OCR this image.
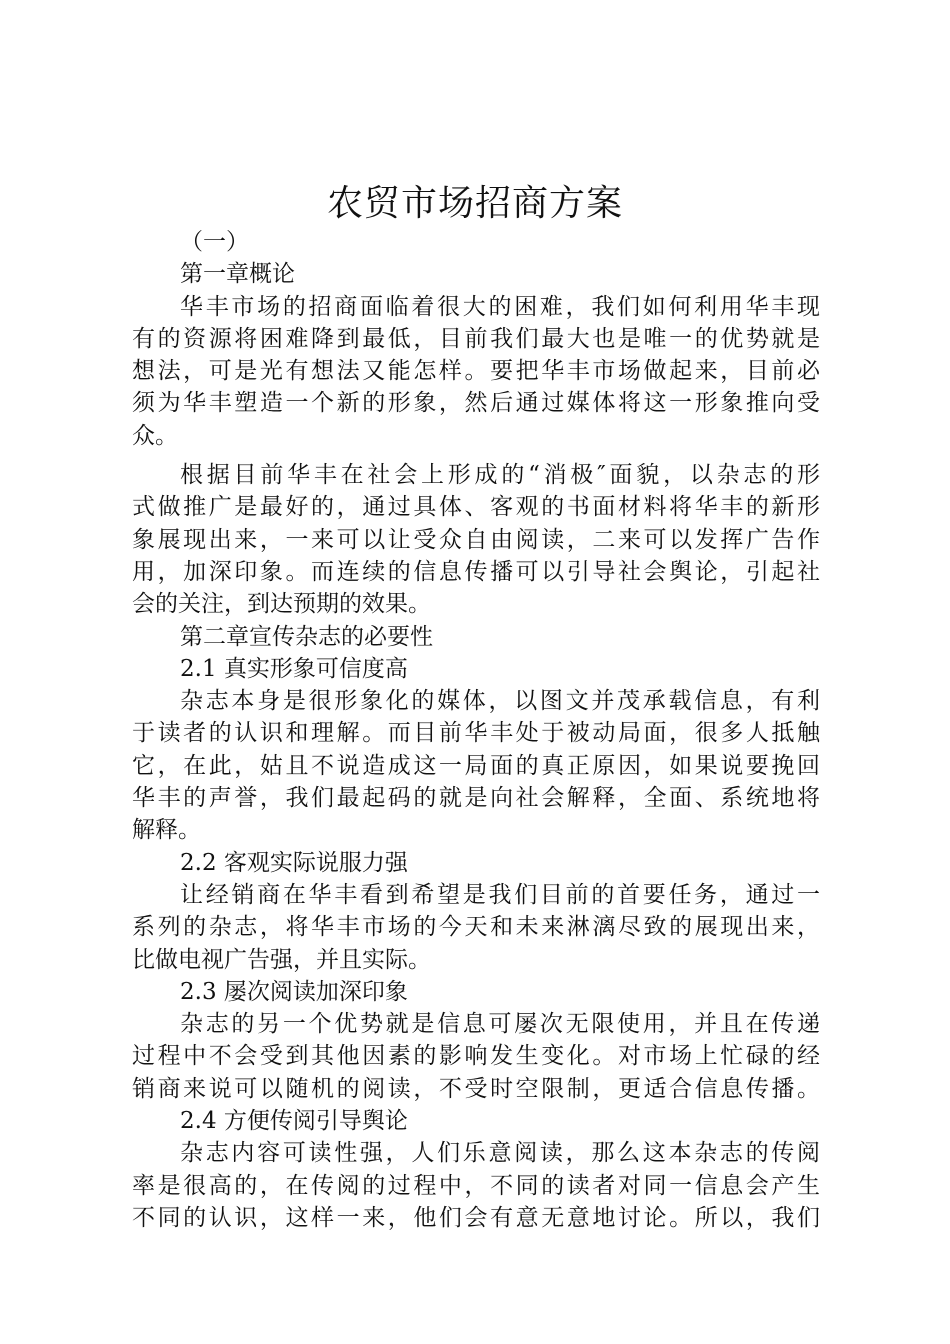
农贸市场招商方案
（一）
第一章概论
华丰市场的招商面临着很大的困难，我们如何利用华丰现
有的资源将困难降到最低，目前我们最大也是唯一的优势就是
想法，可是光有想法又能怎样。要把华丰市场做起来，目前必
须为华丰塑造一个新的形象，然后通过媒体将这一形象推向受
众。
根据目前华丰在社会上形成的“消极″面貌，以杂志的形
式做推广是最好的，通过具体、客观的书面材料将华丰的新形
象展现出来，一来可以让受众自由阅读，二来可以发挥广告作
用，加深印象。而连续的信息传播可以引导社会舆论，引起社
会的关注，到达预期的效果。
第二章宣传杂志的必要性
2.1 真实形象可信度高
杂志本身是很形象化的媒体，以图文并茂承载信息，有利
于读者的认识和理解。而目前华丰处于被动局面，很多人抵触
它，在此，姑且不说造成这一局面的真正原因，如果说要挽回
华丰的声誉，我们最起码的就是向社会解释，全面、系统地将
解释。
2.2 客观实际说服力强
让经销商在华丰看到希望是我们目前的首要任务，通过一
系列的杂志，将华丰市场的今天和未来淋漓尽致的展现出来，
比做电视广告强，并且实际。
2.3 屡次阅读加深印象
杂志的另一个优势就是信息可屡次无限使用，并且在传递
过程中不会受到其他因素的影响发生变化。对市场上忙碌的经
销商来说可以随机的阅读，不受时空限制，更适合信息传播。
2.4 方便传阅引导舆论
杂志内容可读性强，人们乐意阅读，那么这本杂志的传阅
率是很高的，在传阅的过程中，不同的读者对同一信息会产生
不同的认识，这样一来，他们会有意无意地讨论。所以，我们
